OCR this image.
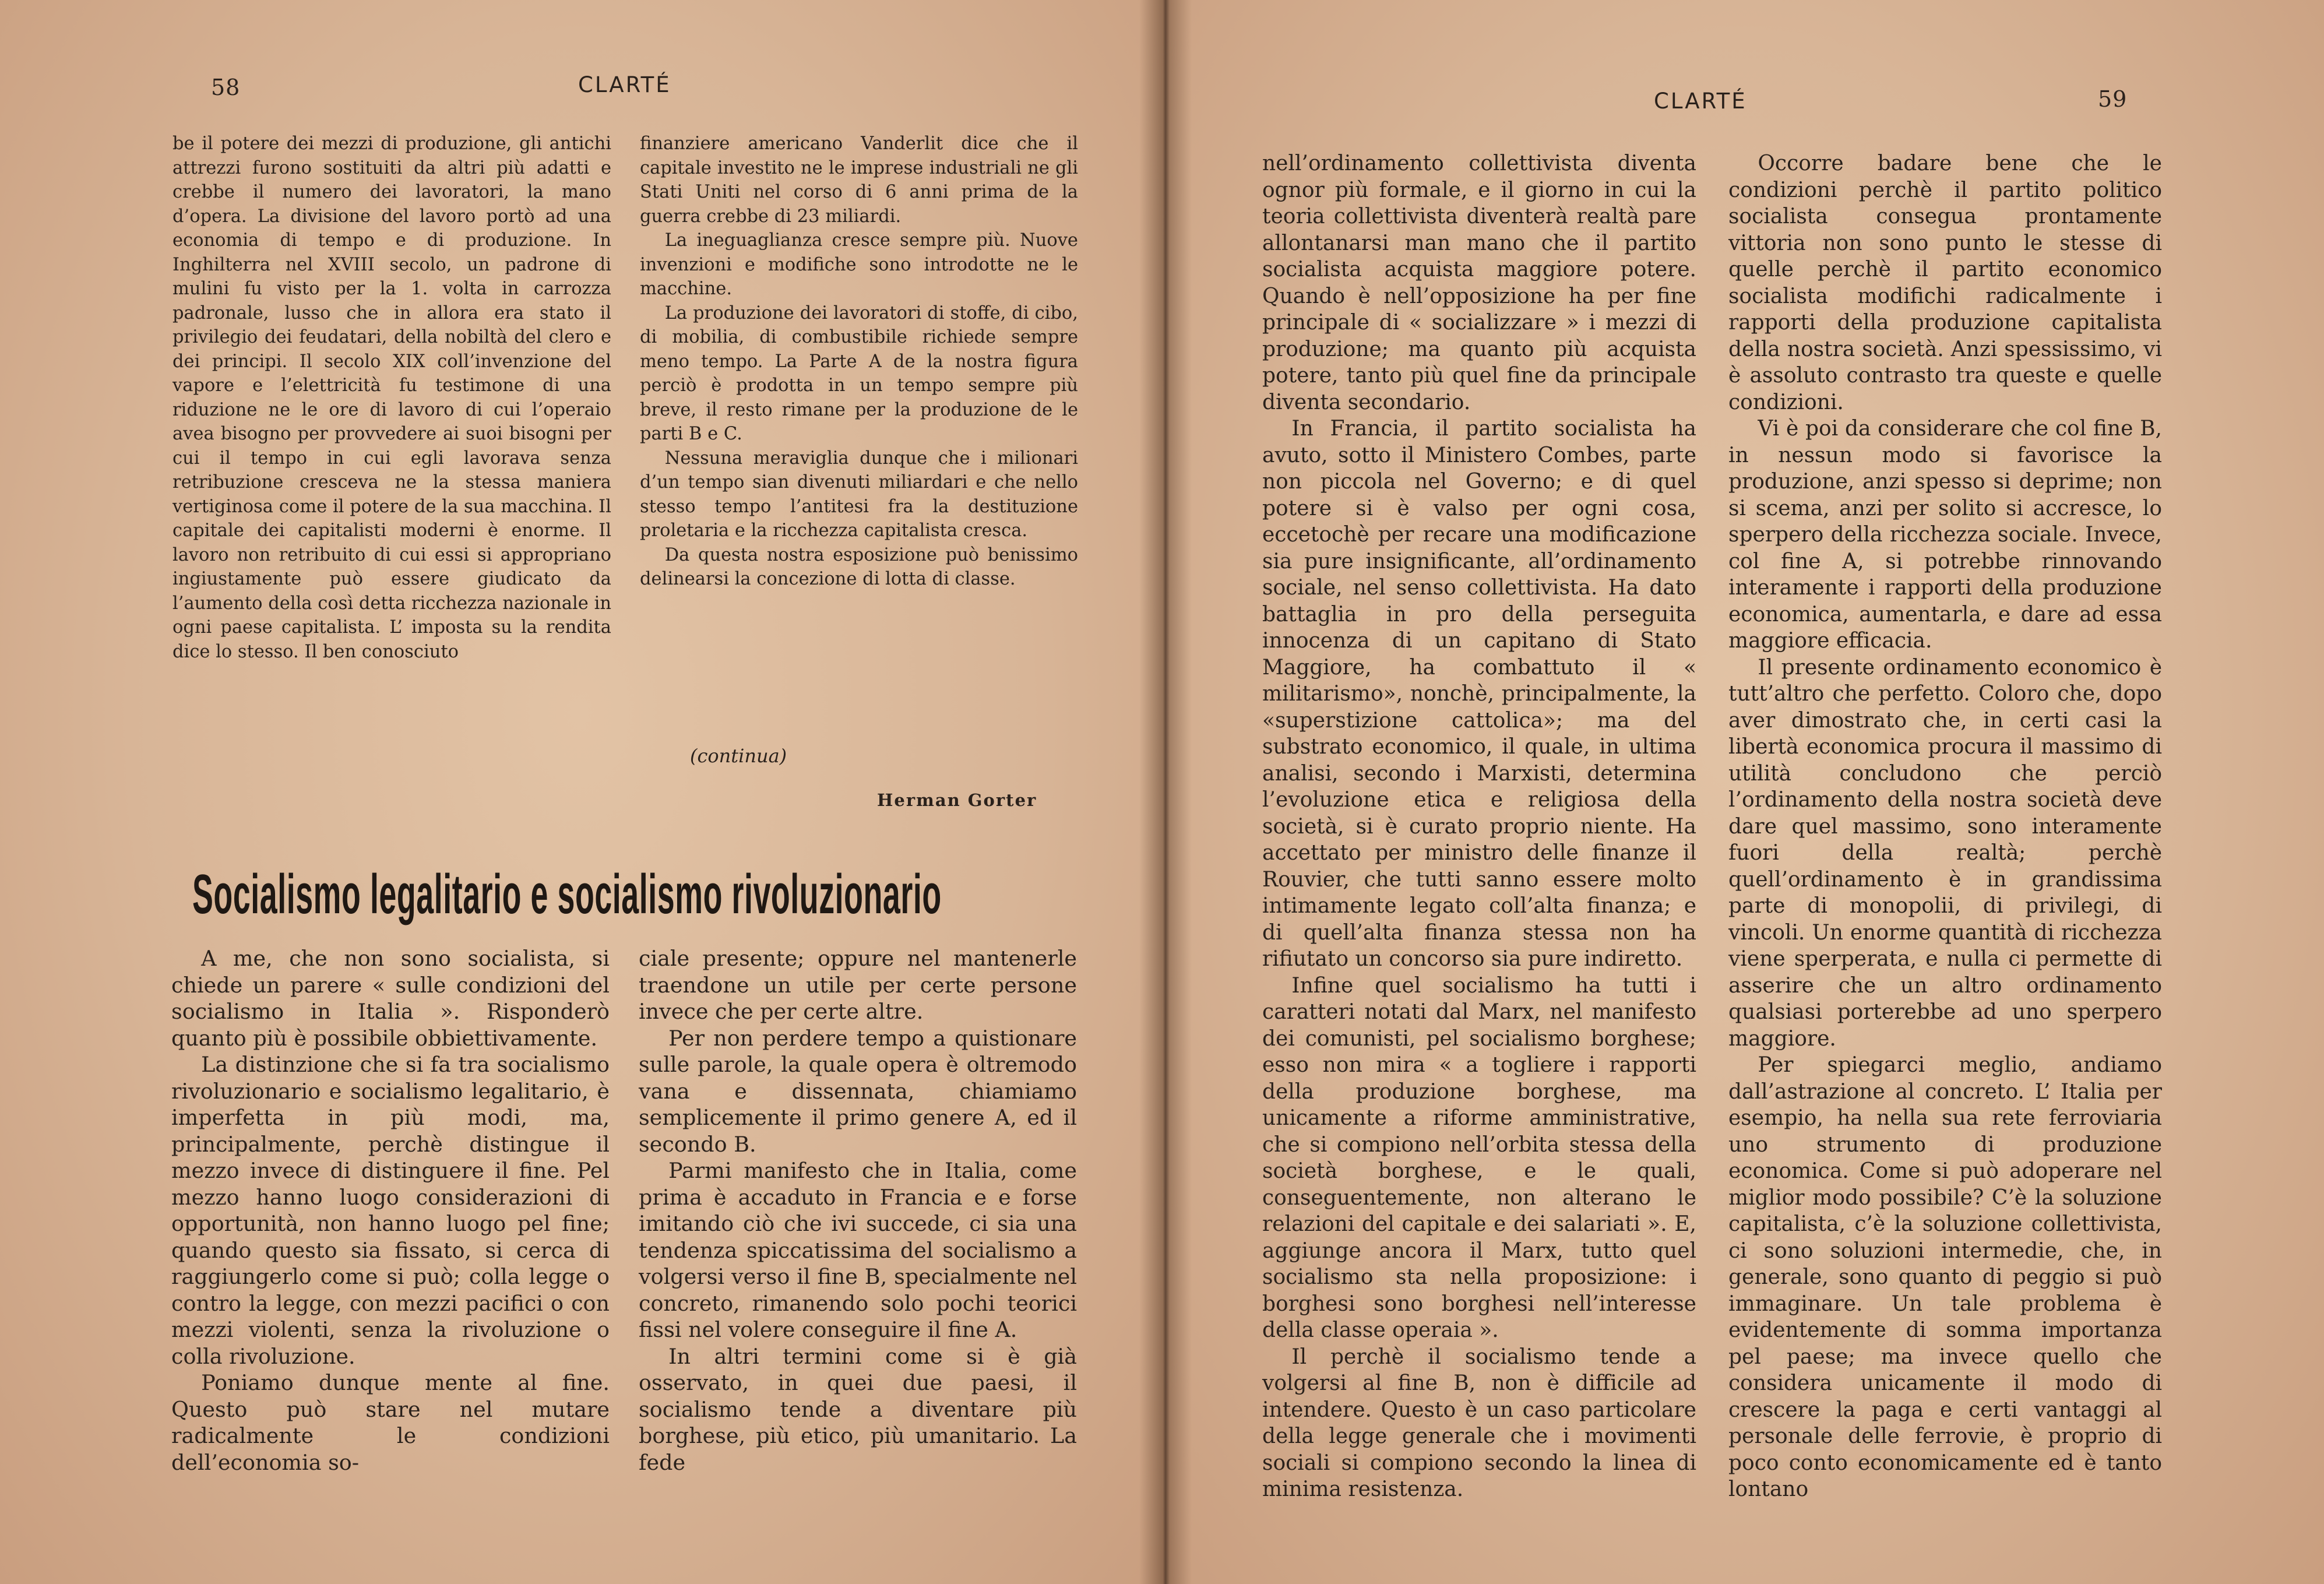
58	CLARTÉ

be il potere dei mezzi di produzione, gli antichi attrezzi furono sostituiti da altri più adatti e crebbe il numero dei lavoratori, la mano d’opera. La divisione del lavoro portò ad una economia di tempo e di produzione. In Inghilterra nel XVIII secolo, un padrone di mulini fu visto per la 1. volta in carrozza padronale, lusso che in allora era stato il privilegio dei feudatari, della nobiltà del clero e dei principi. Il secolo XIX coll’invenzione del vapore e l’elettricità fu testimone di una riduzione ne le ore di lavoro di cui l’operaio avea bisogno per provvedere ai suoi bisogni per cui il tempo in cui egli lavorava senza retribuzione cresceva ne la stessa maniera vertiginosa come il potere de la sua macchina. Il capitale dei capitalisti moderni è enorme. Il lavoro non retribuito di cui essi si appropriano ingiustamente può essere giudicato da l’aumento della così detta ricchezza nazionale in ogni paese capitalista. L’ imposta su la rendita dice lo stesso. Il ben conosciuto

finanziere americano Vanderlit dice che il capitale investito ne le imprese industriali ne gli Stati Uniti nel corso di 6 anni prima de la guerra crebbe di 23 miliardi.

La ineguaglianza cresce sempre più. Nuove invenzioni e modifiche sono introdotte ne le macchine.

La produzione dei lavoratori di stoffe, di cibo, di mobilia, di combustibile richiede sempre meno tempo. La Parte A de la nostra figura perciò è prodotta in un tempo sempre più breve, il resto rimane per la produzione de le parti B e C.

Nessuna meraviglia dunque che i milionari d’un tempo sian divenuti miliardari e che nello stesso tempo l’antitesi fra la destituzione proletaria e la ricchezza capitalista cresca.

Da questa nostra esposizione può benissimo delinearsi la concezione di lotta di classe.

(continua)
Herman Gorter
Socialismo legalitario e socialismo rivoluzionario

A me, che non sono socialista, si chiede un parere « sulle condizioni del socialismo in Italia ». Risponderò quanto più è possibile obbiettivamente.

La distinzione che si fa tra socialismo rivoluzionario e socialismo legalitario, è imperfetta in più modi, ma, principalmente, perchè distingue il mezzo invece di distinguere il fine. Pel mezzo hanno luogo considerazioni di opportunità, non hanno luogo pel fine; quando questo sia fissato, si cerca di raggiungerlo come si può; colla legge o contro la legge, con mezzi pacifici o con mezzi violenti, senza la rivoluzione o colla rivoluzione.

Poniamo dunque mente al fine. Questo può stare nel mutare radicalmente le condizioni dell’economia so-

ciale presente; oppure nel mantenerle traendone un utile per certe persone invece che per certe altre.

Per non perdere tempo a quistionare sulle parole, la quale opera è oltremodo vana e dissennata, chiamiamo semplicemente il primo genere A, ed il secondo B.

Parmi manifesto che in Italia, come prima è accaduto in Francia e e forse imitando ciò che ivi succede, ci sia una tendenza spiccatissima del socialismo a volgersi verso il fine B, specialmente nel concreto, rimanendo solo pochi teorici fissi nel volere conseguire il fine A.

In altri termini come si è già osservato, in quei due paesi, il socialismo tende a diventare più borghese, più etico, più umanitario. La fede

CLARTÉ	59

nell’ordinamento collettivista diventa ognor più formale, e il giorno in cui la teoria collettivista diventerà realtà pare allontanarsi man mano che il partito socialista acquista maggiore potere. Quando è nell’opposizione ha per fine principale di « socializzare » i mezzi di produzione; ma quanto più acquista potere, tanto più quel fine da principale diventa secondario.

In Francia, il partito socialista ha avuto, sotto il Ministero Combes, parte non piccola nel Governo; e di quel potere si è valso per ogni cosa, eccetochè per recare una modificazione sia pure insignificante, all’ordinamento sociale, nel senso collettivista. Ha dato battaglia in pro della perseguita innocenza di un capitano di Stato Maggiore, ha combattuto il « militarismo», nonchè, principalmente, la «superstizione cattolica»; ma del substrato economico, il quale, in ultima analisi, secondo i Marxisti, determina l’evoluzione etica e religiosa della società, si è curato proprio niente. Ha accettato per ministro delle finanze il Rouvier, che tutti sanno essere molto intimamente legato coll’alta finanza; e di quell’alta finanza stessa non ha rifiutato un concorso sia pure indiretto.

Infine quel socialismo ha tutti i caratteri notati dal Marx, nel manifesto dei comunisti, pel socialismo borghese; esso non mira « a togliere i rapporti della produzione borghese, ma unicamente a riforme amministrative, che si compiono nell’orbita stessa della società borghese, e le quali, conseguentemente, non alterano le relazioni del capitale e dei salariati ». E, aggiunge ancora il Marx, tutto quel socialismo sta nella proposizione: i borghesi sono borghesi nell’interesse della classe operaia ».

Il perchè il socialismo tende a volgersi al fine B, non è difficile ad intendere. Questo è un caso particolare della legge generale che i movimenti sociali si compiono secondo la linea di minima resistenza.

Occorre badare bene che le condizioni perchè il partito politico socialista consegua prontamente vittoria non sono punto le stesse di quelle perchè il partito economico socialista modifichi radicalmente i rapporti della produzione capitalista della nostra società. Anzi spessissimo, vi è assoluto contrasto tra queste e quelle condizioni.

Vi è poi da considerare che col fine B, in nessun modo si favorisce la produzione, anzi spesso si deprime; non si scema, anzi per solito si accresce, lo sperpero della ricchezza sociale. Invece, col fine A, si potrebbe rinnovando interamente i rapporti della produzione economica, aumentarla, e dare ad essa maggiore efficacia.

Il presente ordinamento economico è tutt’altro che perfetto. Coloro che, dopo aver dimostrato che, in certi casi la libertà economica procura il massimo di utilità concludono che perciò l’ordinamento della nostra società deve dare quel massimo, sono interamente fuori della realtà; perchè quell’ordinamento è in grandissima parte di monopolii, di privilegi, di vincoli. Un enorme quantità di ricchezza viene sperperata, e nulla ci permette di asserire che un altro ordinamento qualsiasi porterebbe ad uno sperpero maggiore.

Per spiegarci meglio, andiamo dall’astrazione al concreto. L’ Italia per esempio, ha nella sua rete ferroviaria uno strumento di produzione economica. Come si può adoperare nel miglior modo possibile? C’è la soluzione capitalista, c’è la soluzione collettivista, ci sono soluzioni intermedie, che, in generale, sono quanto di peggio si può immaginare. Un tale problema è evidentemente di somma importanza pel paese; ma invece quello che considera unicamente il modo di crescere la paga e certi vantaggi al personale delle ferrovie, è proprio di poco conto economicamente ed è tanto lontano
